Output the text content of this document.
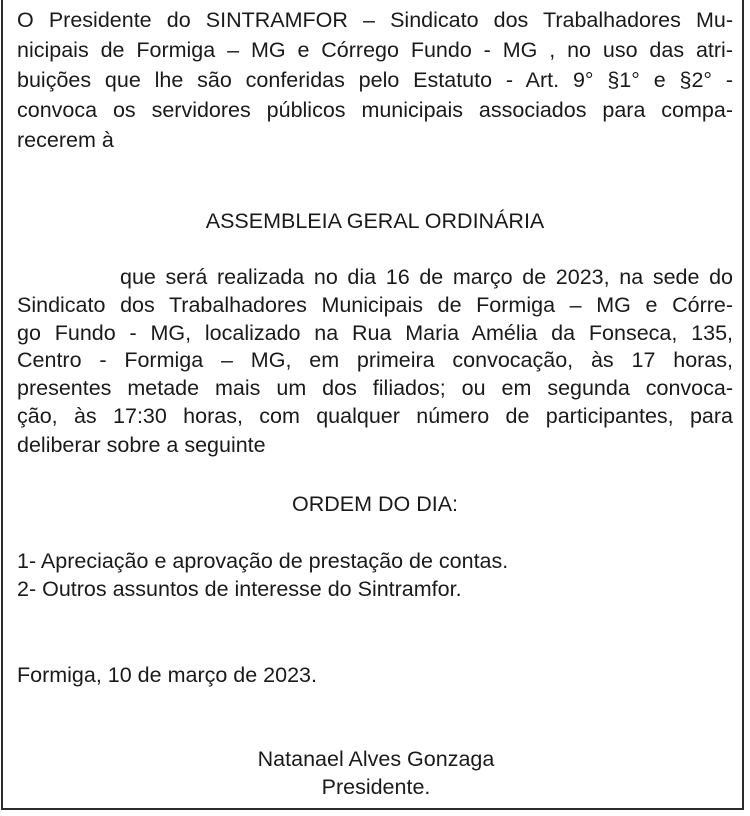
O Presidente do SINTRAMFOR – Sindicato dos Trabalhadores Mu-
nicipais de Formiga – MG e Córrego Fundo - MG , no uso das atri-
buições que lhe são conferidas pelo Estatuto - Art. 9° §1° e §2° -
convoca os servidores públicos municipais associados para compa-
recerem à
ASSEMBLEIA GERAL ORDINÁRIA
que será realizada no dia 16 de março de 2023, na sede do
Sindicato dos Trabalhadores Municipais de Formiga – MG e Córre-
go Fundo - MG, localizado na Rua Maria Amélia da Fonseca, 135,
Centro - Formiga – MG, em primeira convocação, às 17 horas,
presentes metade mais um dos filiados; ou em segunda convoca-
ção, às 17:30 horas, com qualquer número de participantes, para
deliberar sobre a seguinte
ORDEM DO DIA:
1- Apreciação e aprovação de prestação de contas.
2- Outros assuntos de interesse do Sintramfor.
Formiga, 10 de março de 2023.
Natanael Alves Gonzaga
Presidente.
